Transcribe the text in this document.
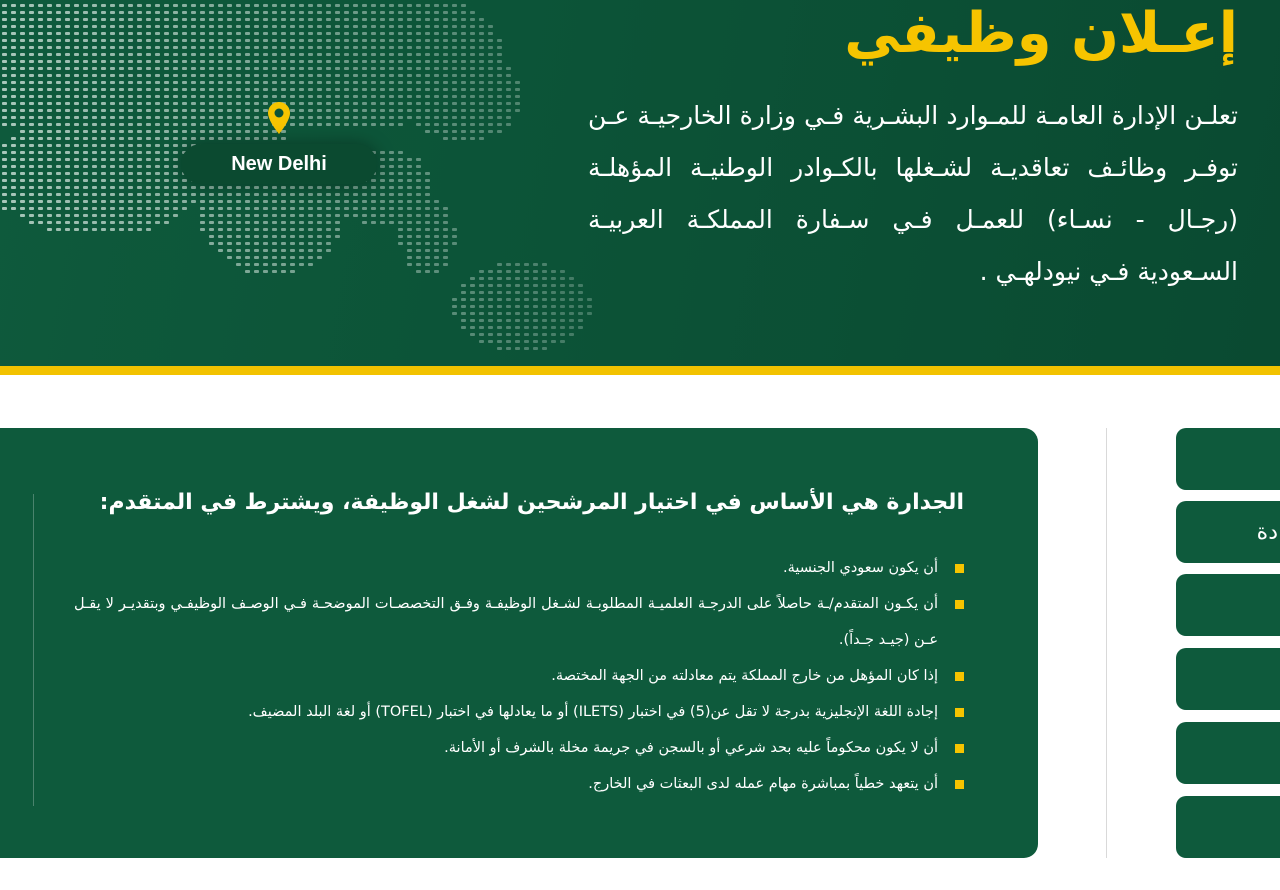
New Delhi
إعـلان وظيفي
تعلـن الإدارة العامـة للمـوارد البشـرية فـي وزارة الخارجيـة عـن توفـر وظائـف تعاقديـة لشـغلها بالكـوادر الوطنيـة المؤهلـة (رجـال - نسـاء) للعمـل فـي سـفارة المملكـة العربيـة السـعودية فـي نيودلهـي .
الجدارة هي الأساس في اختيار المرشحين لشغل الوظيفة، ويشترط في المتقدم:
أن يكون سعودي الجنسية.
أن يكـون المتقدم/ـة حاصلاً على الدرجـة العلميـة المطلوبـة لشـغل الوظيفـة وفـق التخصصـات الموضحـة فـي الوصـف الوظيفـي وبتقديـر لا يقـل عـن (جيـد جـداً).
إذا كان المؤهل من خارج المملكة يتم معادلته من الجهة المختصة.
إجادة اللغة الإنجليزية بدرجة لا تقل عن(5) في اختبار (ILETS) أو ما يعادلها في اختبار (TOFEL) أو لغة البلد المضيف.
أن لا يكون محكوماً عليه بحد شرعي أو بالسجن في جريمة مخلة بالشرف أو الأمانة.
أن يتعهد خطياً بمباشرة مهام عمله لدى البعثات في الخارج.
دة
